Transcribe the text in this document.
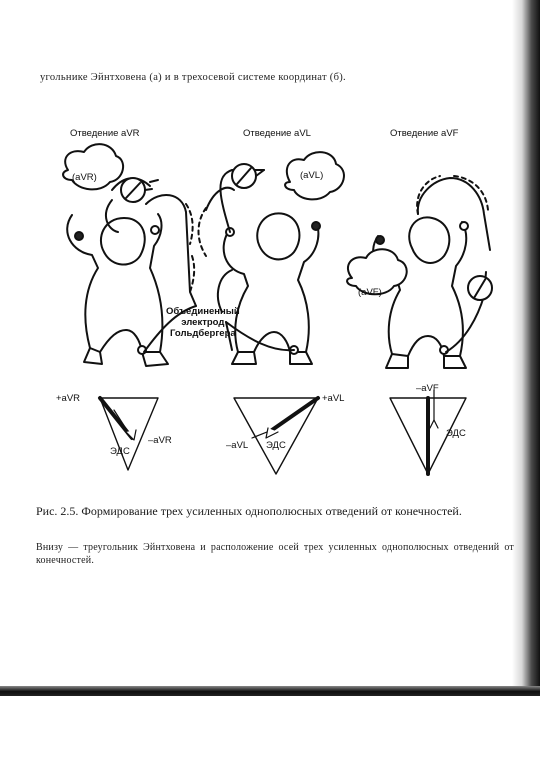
угольнике Эйнтховена (а) и в трехосевой системе координат (б).
Отведение aVR	Отведение aVL	Отведение aVF
(aVR)	(aVL)
(aVF)
Объединенный
электрод
Гольдбергера
+aVR
–aVR
ЭДС
+aVL
–aVL ЭДС
–aVF
ЭДС
Рис. 2.5. Формирование трех усиленных однополюсных отведений от конечностей.
Внизу — треугольник Эйнтховена и расположение осей трех усиленных однополюсных отведений от конечностей.
